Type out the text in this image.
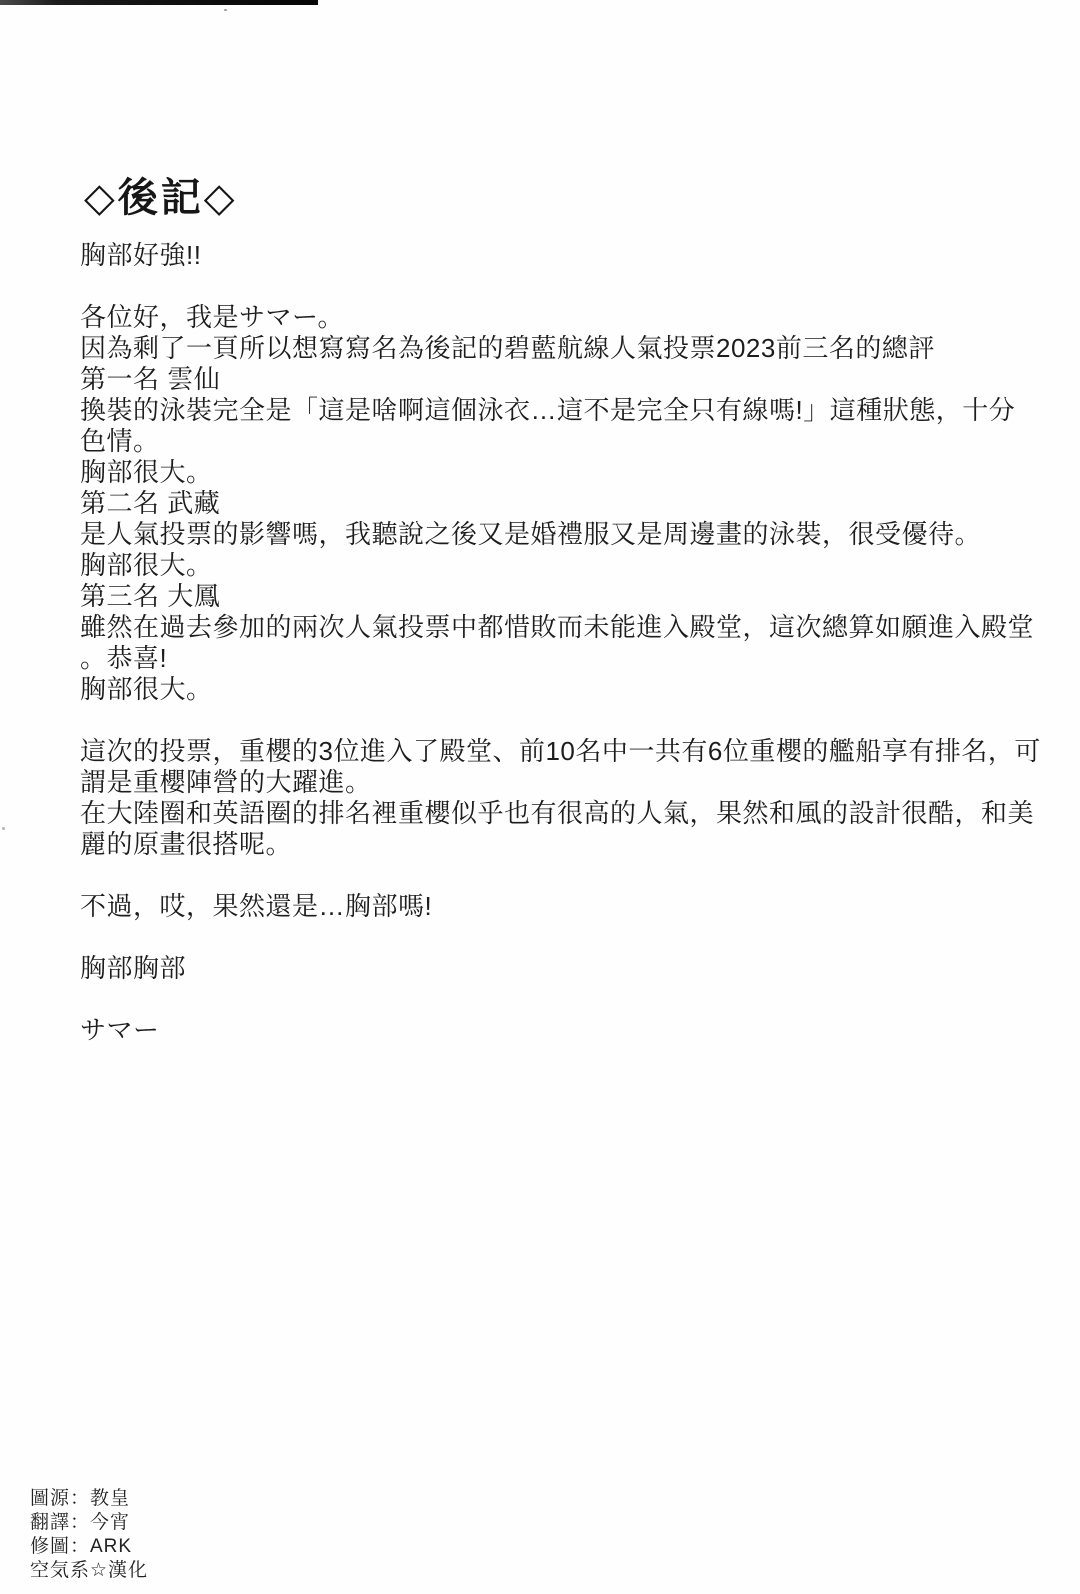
◇後記◇
胸部好強!!
各位好，我是サマー。
因為剩了一頁所以想寫寫名為後記的碧藍航線人氣投票2023前三名的總評
第一名 雲仙
換裝的泳裝完全是「這是啥啊這個泳衣…這不是完全只有線嗎!」這種狀態，十分
色情。
胸部很大。
第二名 武藏
是人氣投票的影響嗎，我聽說之後又是婚禮服又是周邊畫的泳裝，很受優待。
胸部很大。
第三名 大鳳
雖然在過去參加的兩次人氣投票中都惜敗而未能進入殿堂，這次總算如願進入殿堂
。恭喜!
胸部很大。
這次的投票，重櫻的3位進入了殿堂、前10名中一共有6位重櫻的艦船享有排名，可
謂是重櫻陣營的大躍進。
在大陸圈和英語圈的排名裡重櫻似乎也有很高的人氣，果然和風的設計很酷，和美
麗的原畫很搭呢。
不過，哎，果然還是…胸部嗎!
胸部胸部
サマー
圖源：教皇
翻譯：今宵
修圖：ARK
空気系☆漢化
